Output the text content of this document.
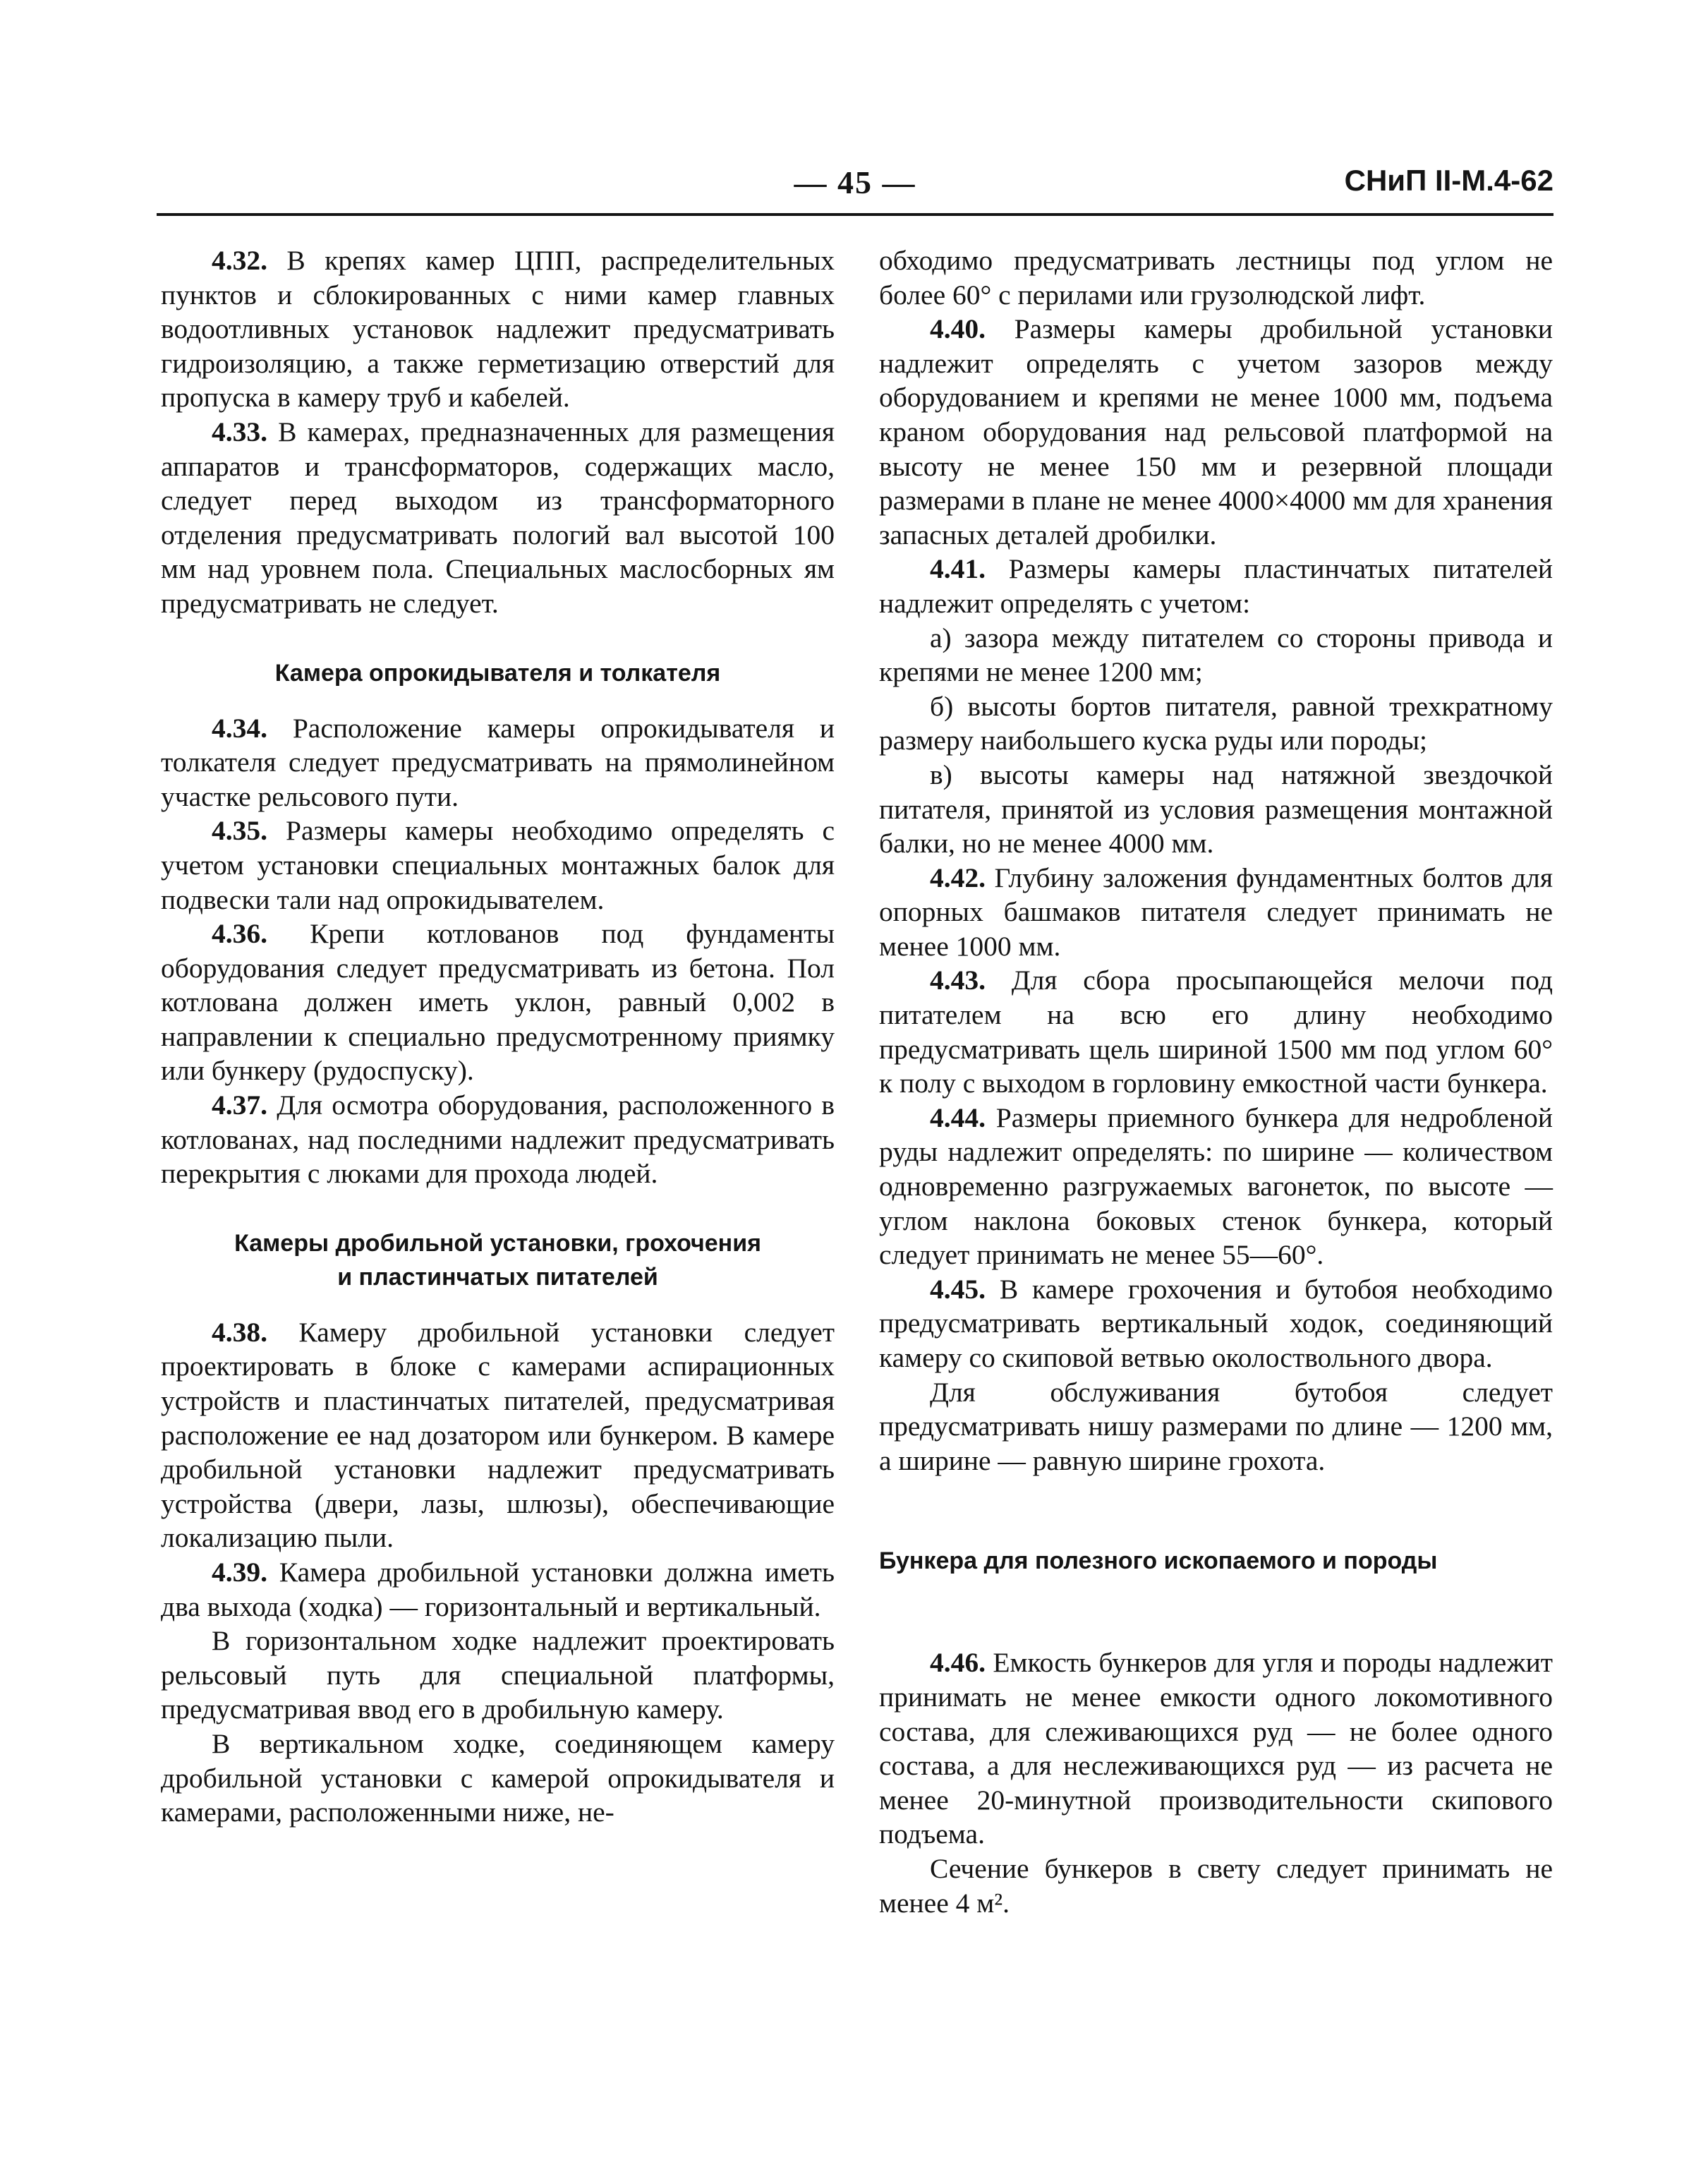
— 45 —	СНиП II-М.4-62

4.32. В крепях камер ЦПП, распределительных пунктов и сблокированных с ними камер главных водоотливных установок надлежит предусматривать гидроизоляцию, а также герметизацию отверстий для пропуска в камеру труб и кабелей.

4.33. В камерах, предназначенных для размещения аппаратов и трансформаторов, содержащих масло, следует перед выходом из трансформаторного отделения предусматривать пологий вал высотой 100 мм над уровнем пола. Специальных маслосборных ям предусматривать не следует.

Камера опрокидывателя и толкателя

4.34. Расположение камеры опрокидывателя и толкателя следует предусматривать на прямолинейном участке рельсового пути.

4.35. Размеры камеры необходимо определять с учетом установки специальных монтажных балок для подвески тали над опрокидывателем.

4.36. Крепи котлованов под фундаменты оборудования следует предусматривать из бетона. Пол котлована должен иметь уклон, равный 0,002 в направлении к специально предусмотренному приямку или бункеру (рудоспуску).

4.37. Для осмотра оборудования, расположенного в котлованах, над последними надлежит предусматривать перекрытия с люками для прохода людей.

Камеры дробильной установки, грохочения
и пластинчатых питателей

4.38. Камеру дробильной установки следует проектировать в блоке с камерами аспирационных устройств и пластинчатых питателей, предусматривая расположение ее над дозатором или бункером. В камере дробильной установки надлежит предусматривать устройства (двери, лазы, шлюзы), обеспечивающие локализацию пыли.

4.39. Камера дробильной установки должна иметь два выхода (ходка) — горизонтальный и вертикальный.

В горизонтальном ходке надлежит проектировать рельсовый путь для специальной платформы, предусматривая ввод его в дробильную камеру.

В вертикальном ходке, соединяющем камеру дробильной установки с камерой опрокидывателя и камерами, расположенными ниже, не-

обходимо предусматривать лестницы под углом не более 60° с перилами или грузолюдской лифт.

4.40. Размеры камеры дробильной установки надлежит определять с учетом зазоров между оборудованием и крепями не менее 1000 мм, подъема краном оборудования над рельсовой платформой на высоту не менее 150 мм и резервной площади размерами в плане не менее 4000×4000 мм для хранения запасных деталей дробилки.

4.41. Размеры камеры пластинчатых питателей надлежит определять с учетом:

а) зазора между питателем со стороны привода и крепями не менее 1200 мм;

б) высоты бортов питателя, равной трехкратному размеру наибольшего куска руды или породы;

в) высоты камеры над натяжной звездочкой питателя, принятой из условия размещения монтажной балки, но не менее 4000 мм.

4.42. Глубину заложения фундаментных болтов для опорных башмаков питателя следует принимать не менее 1000 мм.

4.43. Для сбора просыпающейся мелочи под питателем на всю его длину необходимо предусматривать щель шириной 1500 мм под углом 60° к полу с выходом в горловину емкостной части бункера.

4.44. Размеры приемного бункера для недробленой руды надлежит определять: по ширине — количеством одновременно разгружаемых вагонеток, по высоте — углом наклона боковых стенок бункера, который следует принимать не менее 55—60°.

4.45. В камере грохочения и бутобоя необходимо предусматривать вертикальный ходок, соединяющий камеру со скиповой ветвью околоствольного двора.

Для обслуживания бутобоя следует предусматривать нишу размерами по длине — 1200 мм, а ширине — равную ширине грохота.

Бункера для полезного ископаемого и породы

4.46. Емкость бункеров для угля и породы надлежит принимать не менее емкости одного локомотивного состава, для слеживающихся руд — не более одного состава, а для неслеживающихся руд — из расчета не менее 20-минутной производительности скипового подъема.

Сечение бункеров в свету следует принимать не менее 4 м².
